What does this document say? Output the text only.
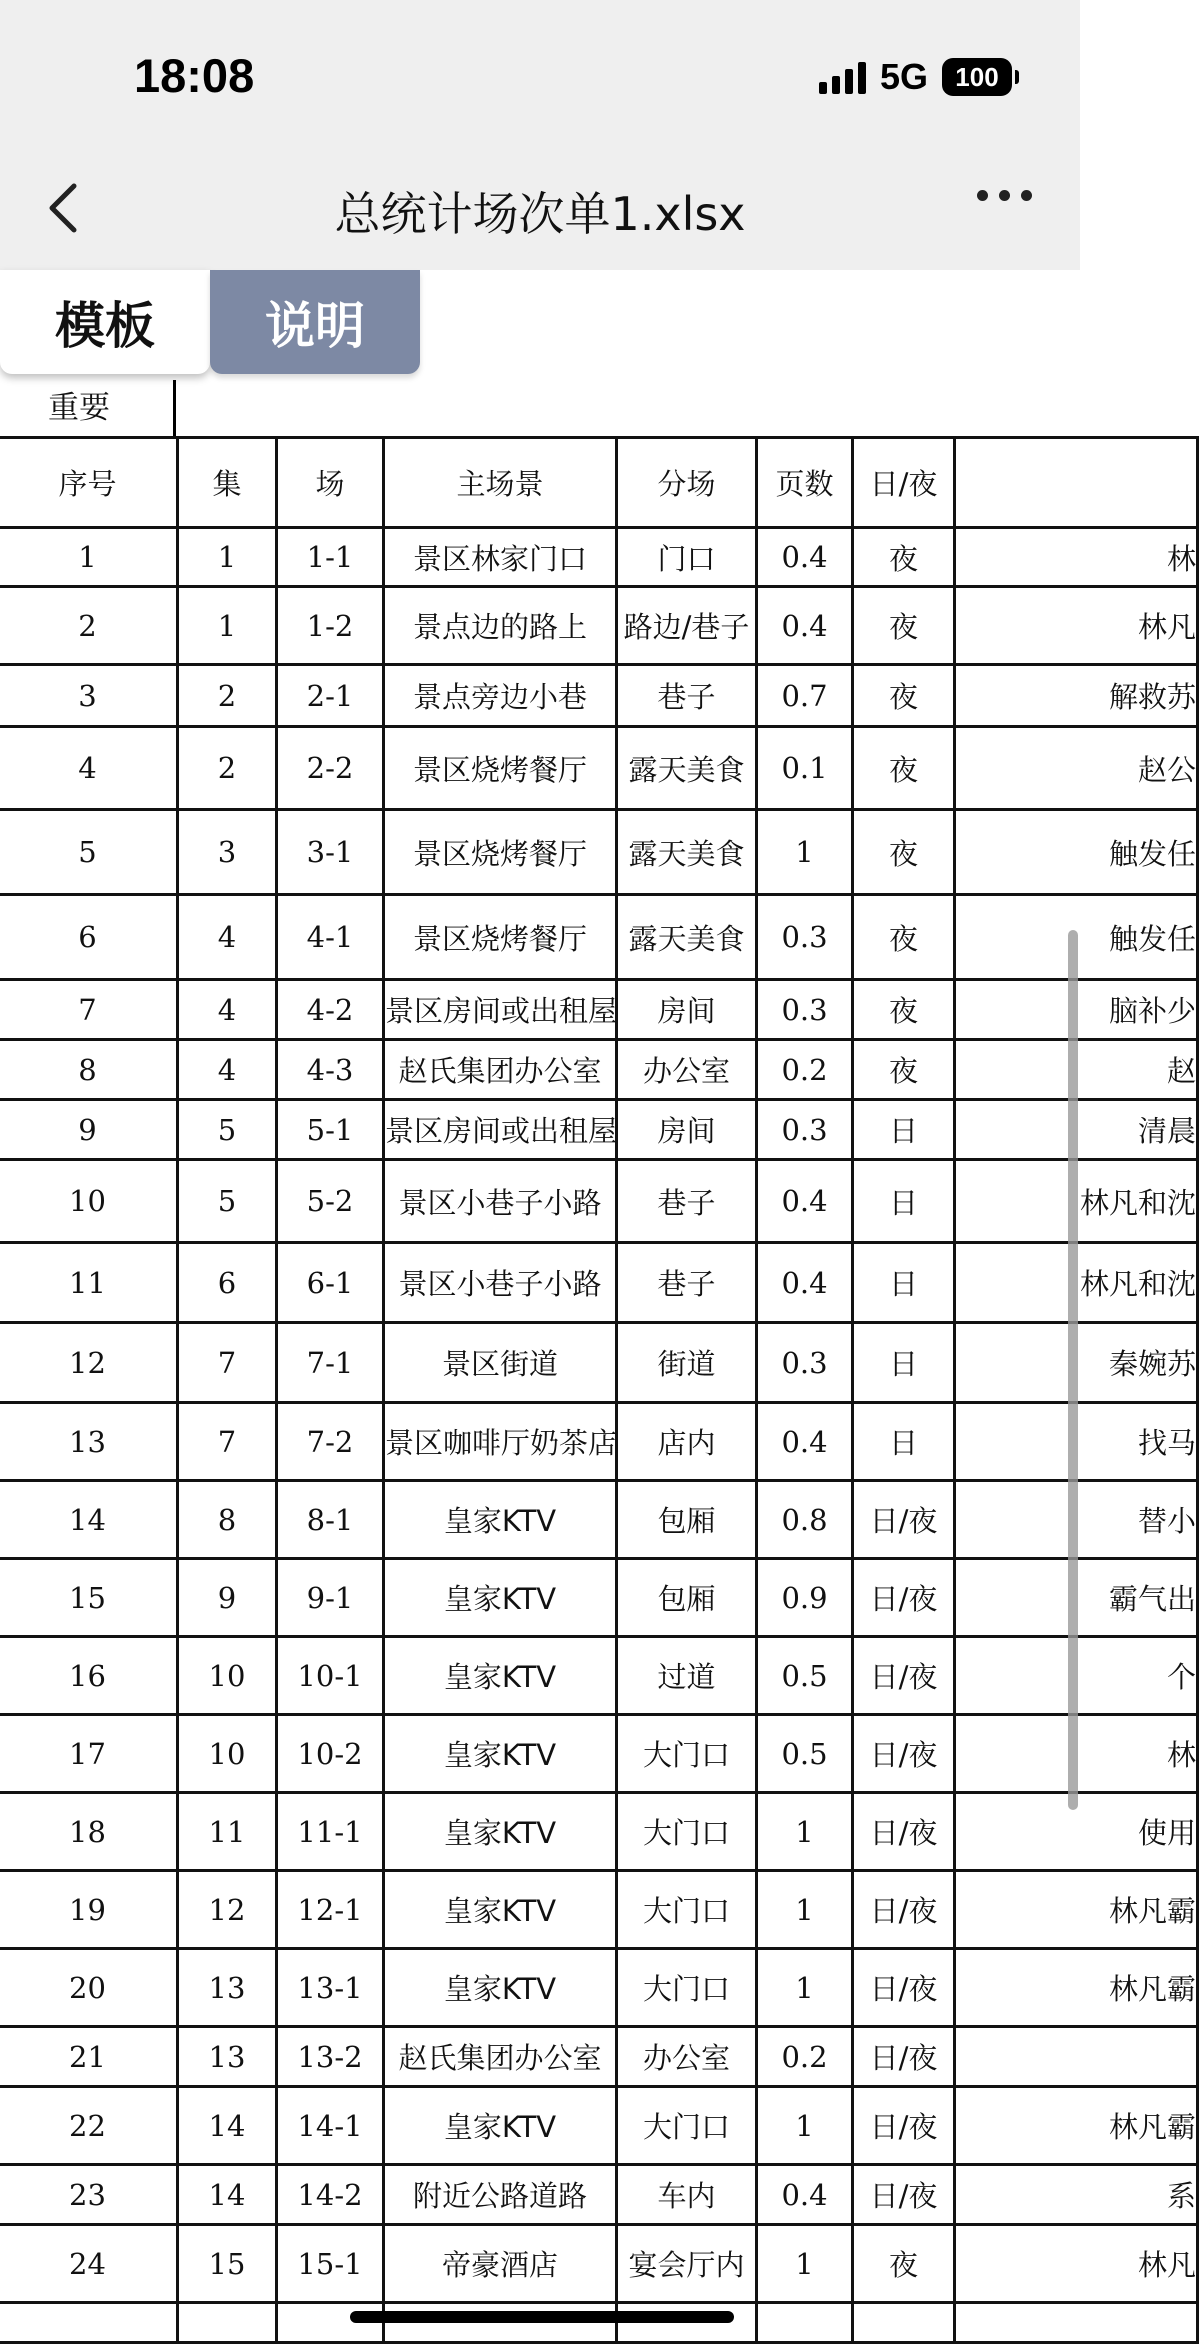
18:08	5G 100
总统计场次单1.xlsx
模板	说明
重要
序号	集	场	主场景	分场	页数	日/夜	
1	1	1-1	景区林家门口	门口	0.4	夜	林
2	1	1-2	景点边的路上	路边/巷子	0.4	夜	林凡
3	2	2-1	景点旁边小巷	巷子	0.7	夜	解救苏
4	2	2-2	景区烧烤餐厅	露天美食	0.1	夜	赵公
5	3	3-1	景区烧烤餐厅	露天美食	1	夜	触发任
6	4	4-1	景区烧烤餐厅	露天美食	0.3	夜	触发任
7	4	4-2	景区房间或出租屋	房间	0.3	夜	脑补少
8	4	4-3	赵氏集团办公室	办公室	0.2	夜	赵
9	5	5-1	景区房间或出租屋	房间	0.3	日	清晨
10	5	5-2	景区小巷子小路	巷子	0.4	日	林凡和沈
11	6	6-1	景区小巷子小路	巷子	0.4	日	林凡和沈
12	7	7-1	景区街道	街道	0.3	日	秦婉苏
13	7	7-2	景区咖啡厅奶茶店	店内	0.4	日	找马
14	8	8-1	皇家KTV	包厢	0.8	日/夜	替小
15	9	9-1	皇家KTV	包厢	0.9	日/夜	霸气出
16	10	10-1	皇家KTV	过道	0.5	日/夜	个
17	10	10-2	皇家KTV	大门口	0.5	日/夜	林
18	11	11-1	皇家KTV	大门口	1	日/夜	使用
19	12	12-1	皇家KTV	大门口	1	日/夜	林凡霸
20	13	13-1	皇家KTV	大门口	1	日/夜	林凡霸
21	13	13-2	赵氏集团办公室	办公室	0.2	日/夜	
22	14	14-1	皇家KTV	大门口	1	日/夜	林凡霸
23	14	14-2	附近公路道路	车内	0.4	日/夜	系
24	15	15-1	帝豪酒店	宴会厅内	1	夜	林凡
